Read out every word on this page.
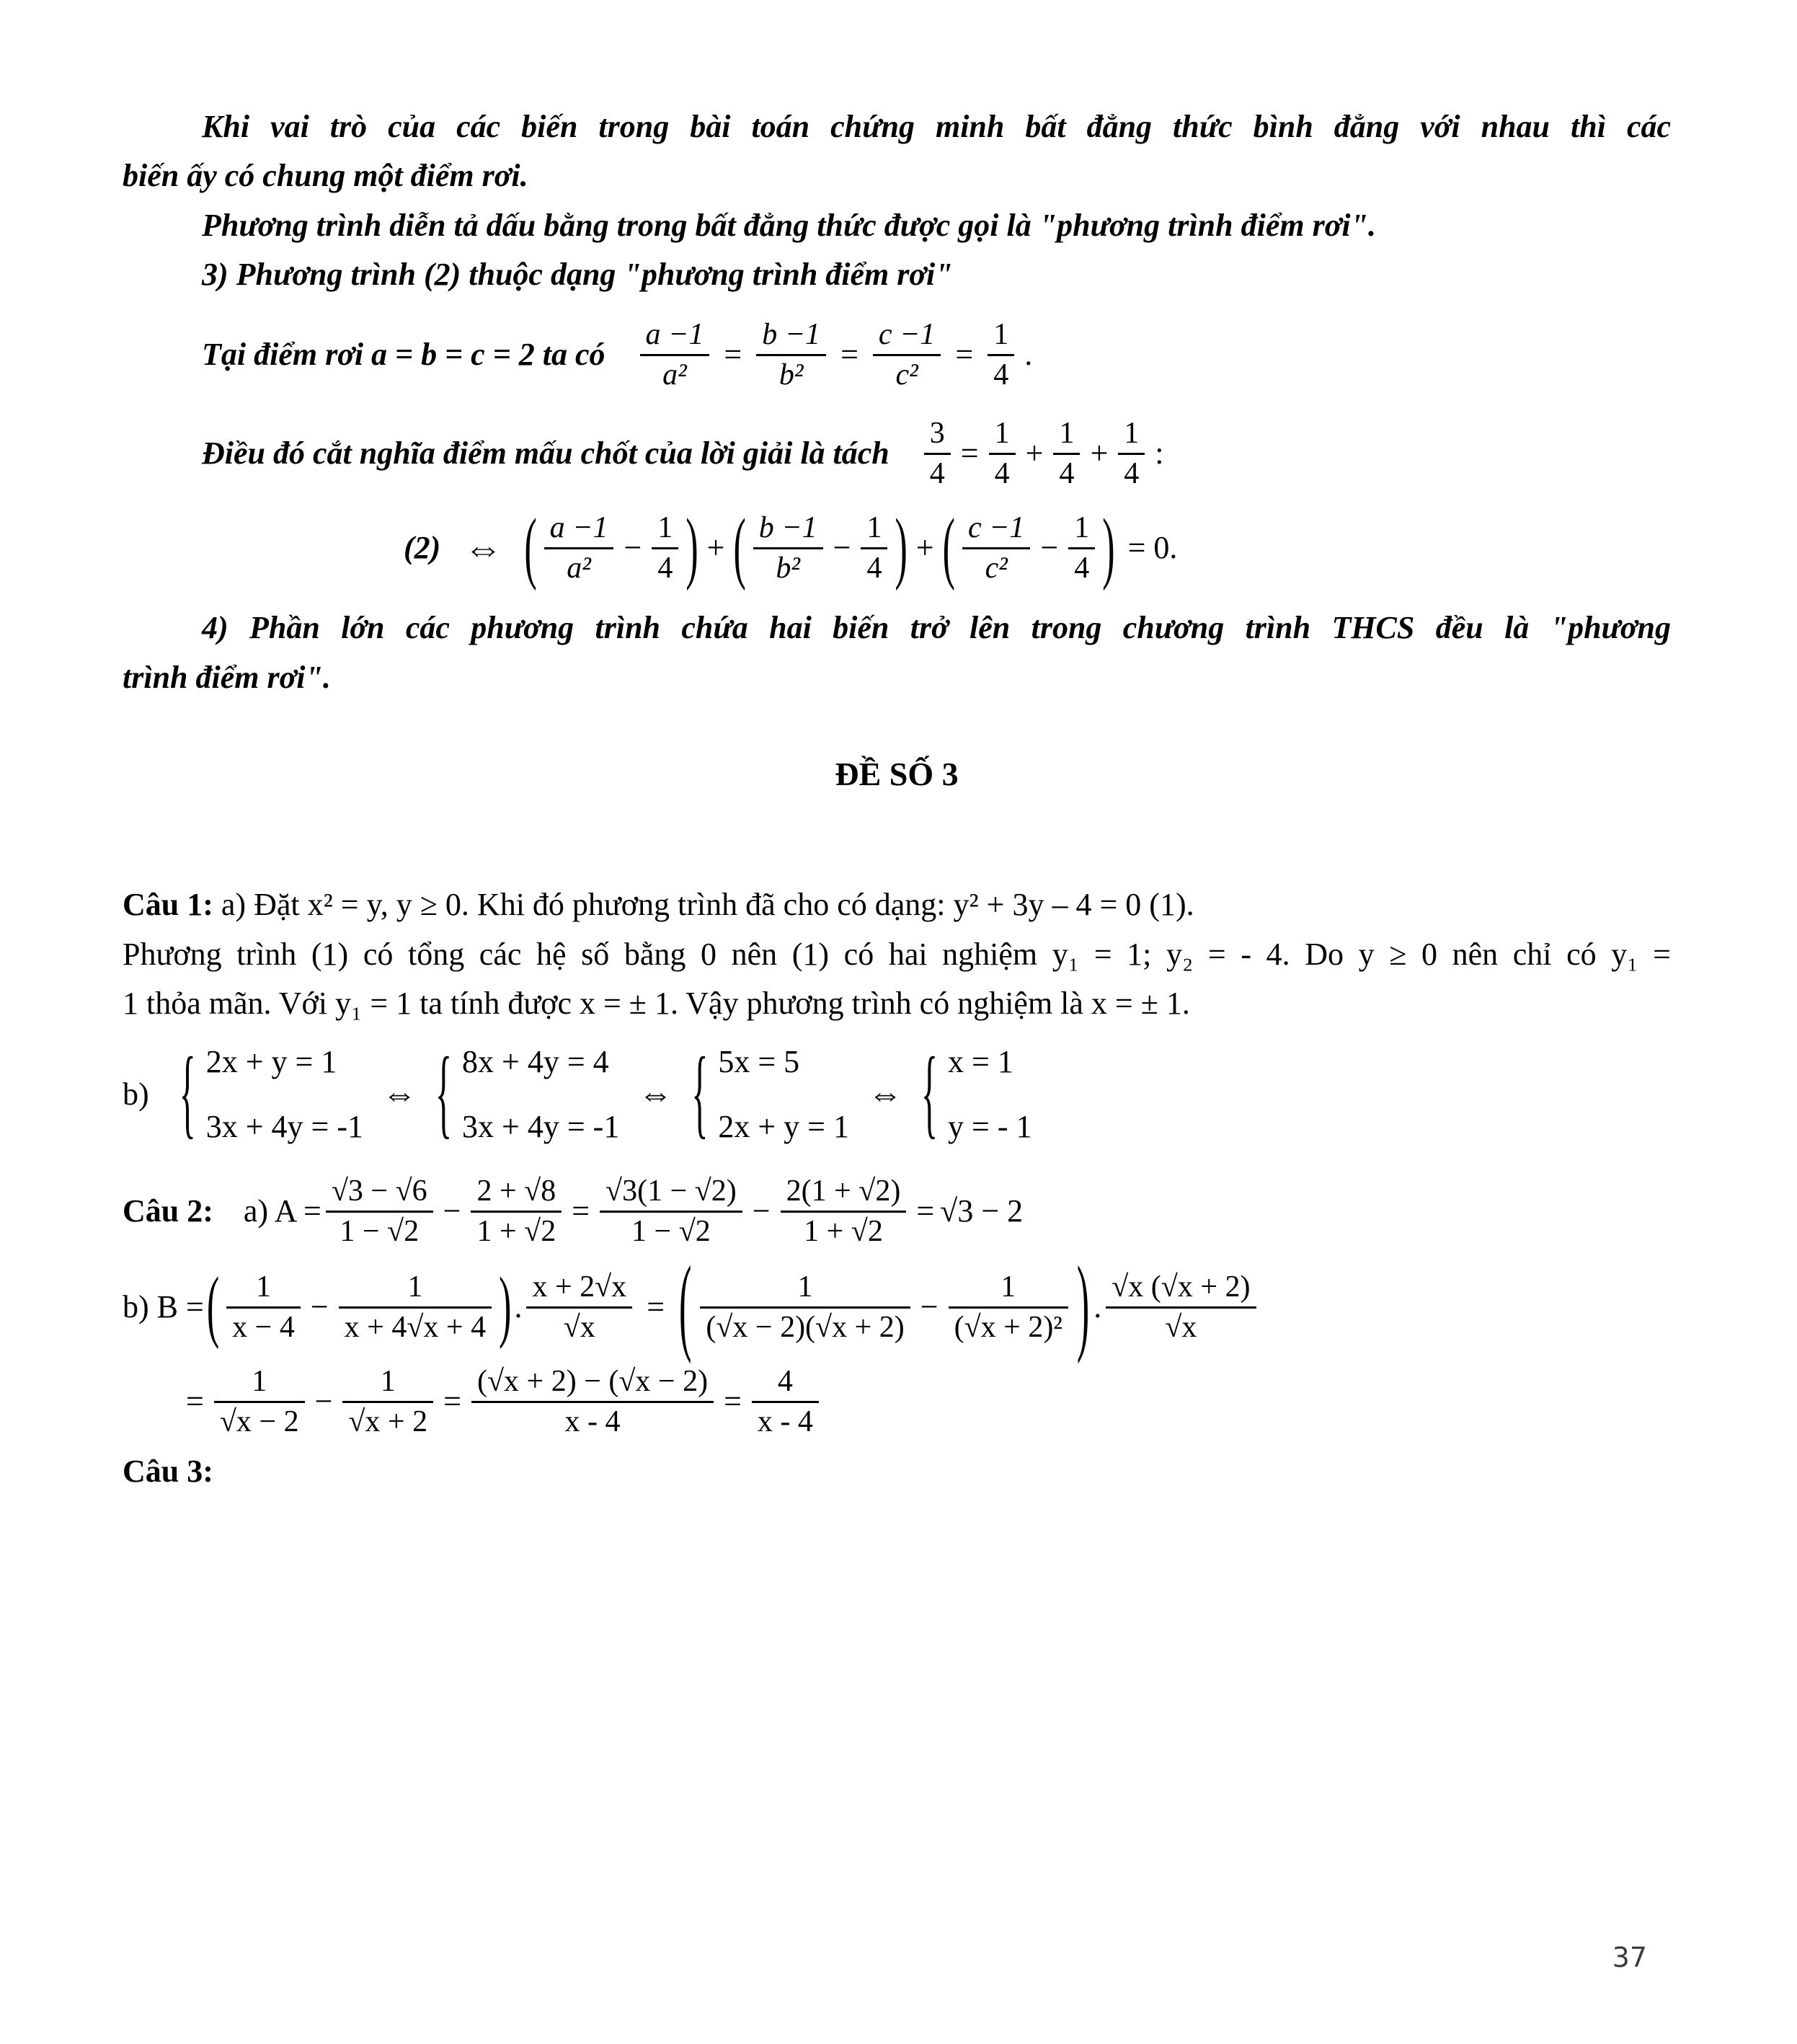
Khi vai trò của các biến trong bài toán chứng minh bất đẳng thức bình đẳng với nhau thì các

biến ấy có chung một điểm rơi.

Phương trình diễn tả dấu bằng trong bất đẳng thức được gọi là "phương trình điểm rơi".

3) Phương trình (2) thuộc dạng "phương trình điểm rơi"

Tại điểm rơi a = b = c = 2 ta có $\frac{a -1}{\text{a²}} = \frac{b -1}{\text{b²}} = \frac{c -1}{\text{c²}} = \frac{1}{4}$ .
Điều đó cắt nghĩa điểm mấu chốt của lời giải là tách $\frac{3}{4} = \frac{1}{4} + \frac{1}{4} + \frac{1}{4}$ :
(2) ⇔ ( $\frac{a -1}{\text{a²}} - \frac{1}{4}$ ) + ( $\frac{b -1}{\text{b²}} - \frac{1}{4}$ ) + ( $\frac{c -1}{\text{c²}} - \frac{1}{4}$ ) = 0.

4) Phần lớn các phương trình chứa hai biến trở lên trong chương trình THCS đều là "phương

trình điểm rơi".

ĐỀ SỐ 3

Câu 1: a) Đặt x² = y, y ≥ 0. Khi đó phương trình đã cho có dạng: y² + 3y – 4 = 0 (1).

Phương trình (1) có tổng các hệ số bằng 0 nên (1) có hai nghiệm y₁ = 1; y₂ = - 4. Do y ≥ 0 nên chỉ có y₁ =

1 thỏa mãn. Với y₁ = 1 ta tính được x = ± 1. Vậy phương trình có nghiệm là x = ± 1.

b) { 2x + y = 1
3x + 4y = -1
⇔ { 8x + 4y = 4
3x + 4y = -1
⇔ { 5x = 5
2x + y = 1
⇔ { x = 1
y = - 1
Câu 2: a) $A = \frac{√3 - √6}{1 - √2} - \frac{2 + √8}{1 + √2} = \frac{√3(1 - √2)}{1 - √2} - \frac{2(1 + √2)}{1 + √2} = √3 - 2$
b) B = ( $\frac{1}{x - 4} - \frac{1}{x + 4√x + 4}$ ) . $\frac{x + 2√x}{√x}$ = ( $\frac{1}{(√x - 2)(√x + 2)} - \frac{1}{\text{(√x + 2)²}}$ ) . $\frac{√x (√x + 2)}{√x}$
= $\frac{1}{√x - 2} - \frac{1}{√x + 2} = \frac{(√x + 2) - (√x - 2)}{x - 4} = \frac{4}{x - 4}$

Câu 3:

37
